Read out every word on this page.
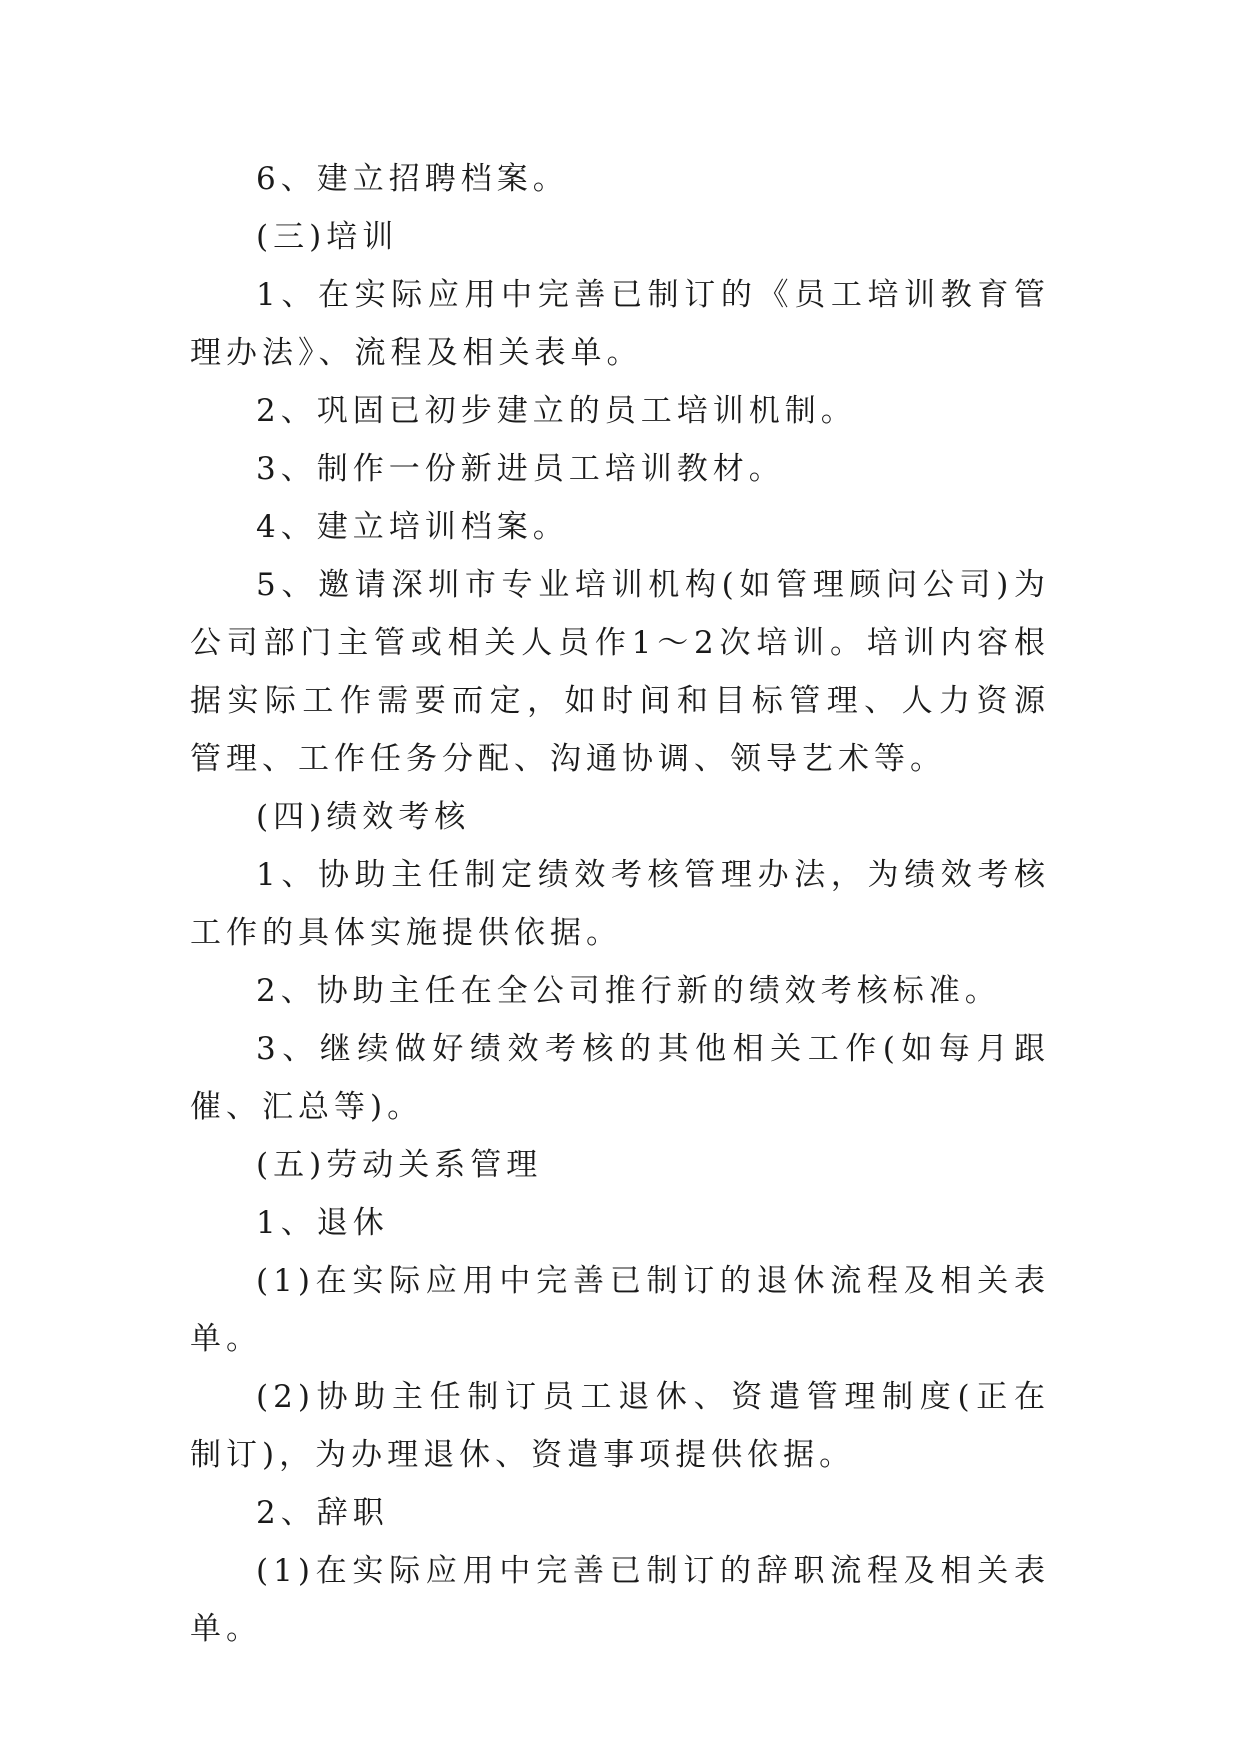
6、建立招聘档案。

(三)培训

1、在实际应用中完善已制订的《员工培训教育管理办法》、流程及相关表单。

2、巩固已初步建立的员工培训机制。

3、制作一份新进员工培训教材。

4、建立培训档案。

5、邀请深圳市专业培训机构(如管理顾问公司)为公司部门主管或相关人员作1～2次培训。培训内容根据实际工作需要而定，如时间和目标管理、人力资源管理、工作任务分配、沟通协调、领导艺术等。

(四)绩效考核

1、协助主任制定绩效考核管理办法，为绩效考核工作的具体实施提供依据。

2、协助主任在全公司推行新的绩效考核标准。

3、继续做好绩效考核的其他相关工作(如每月跟催、汇总等)。

(五)劳动关系管理

1、退休

(1)在实际应用中完善已制订的退休流程及相关表单。

(2)协助主任制订员工退休、资遣管理制度(正在制订)，为办理退休、资遣事项提供依据。

2、辞职

(1)在实际应用中完善已制订的辞职流程及相关表单。
